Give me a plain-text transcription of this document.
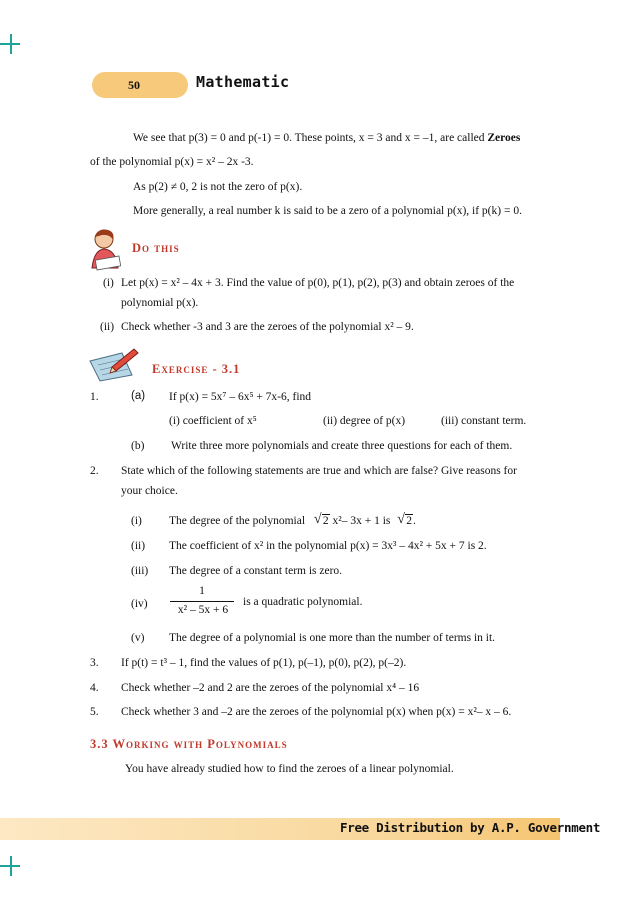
50	Mathematic
We see that p(3) = 0 and p(-1) = 0. These points, x = 3 and x = –1, are called Zeroes
of the polynomial p(x) = x² – 2x -3.
As p(2) ≠ 0, 2 is not the zero of p(x).
More generally, a real number k is said to be a zero of a polynomial p(x), if p(k) = 0.
Do this
(i) Let p(x) = x² – 4x + 3. Find the value of p(0), p(1), p(2), p(3) and obtain zeroes of the
polynomial p(x).
(ii) Check whether -3 and 3 are the zeroes of the polynomial x² – 9.
Exercise - 3.1
1.	(a) If p(x) = 5x⁷ – 6x⁵ + 7x-6, find
(i) coefficient of x⁵	(ii) degree of p(x)	(iii) constant term.
(b) Write three more polynomials and create three questions for each of them.
2. State which of the following statements are true and which are false? Give reasons for
your choice.
(i) The degree of the polynomial √ 2 x²– 3x + 1 is √ 2.
(ii) The coefficient of x² in the polynomial p(x) = 3x³ – 4x² + 5x + 7 is 2.
(iii) The degree of a constant term is zero.
(iv)
1
x² – 5x + 6
is a quadratic polynomial.
(v) The degree of a polynomial is one more than the number of terms in it.
3. If p(t) = t³ – 1, find the values of p(1), p(–1), p(0), p(2), p(–2).
4. Check whether –2 and 2 are the zeroes of the polynomial x⁴ – 16
5. Check whether 3 and –2 are the zeroes of the polynomial p(x) when p(x) = x²– x – 6.
3.3 Working with Polynomials
You have already studied how to find the zeroes of a linear polynomial.
Free Distribution by A.P. Government
